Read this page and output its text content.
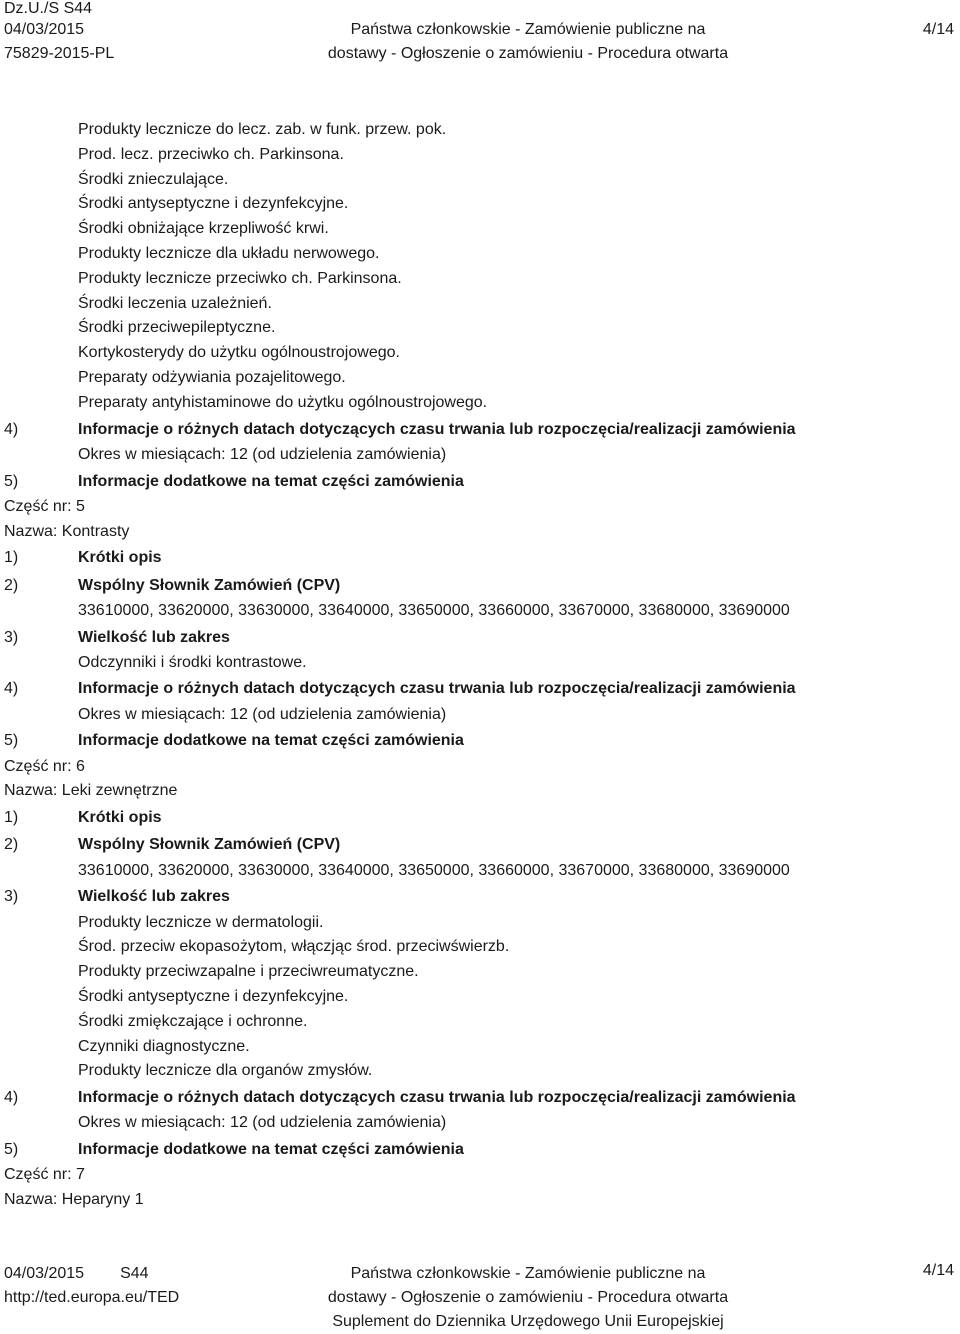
Dz.U./S S44
04/03/2015
75829-2015-PL
Państwa członkowskie - Zamówienie publiczne na
dostawy - Ogłoszenie o zamówieniu - Procedura otwarta
4/14
Produkty lecznicze do lecz. zab. w funk. przew. pok.
Prod. lecz. przeciwko ch. Parkinsona.
Środki znieczulające.
Środki antyseptyczne i dezynfekcyjne.
Środki obniżające krzepliwość krwi.
Produkty lecznicze dla układu nerwowego.
Produkty lecznicze przeciwko ch. Parkinsona.
Środki leczenia uzależnień.
Środki przeciwepileptyczne.
Kortykosterydy do użytku ogólnoustrojowego.
Preparaty odżywiania pozajelitowego.
Preparaty antyhistaminowe do użytku ogólnoustrojowego.
4)	Informacje o różnych datach dotyczących czasu trwania lub rozpoczęcia/realizacji zamówienia
Okres w miesiącach: 12 (od udzielenia zamówienia)
5)	Informacje dodatkowe na temat części zamówienia
Część nr: 5
Nazwa: Kontrasty
1)	Krótki opis
2)	Wspólny Słownik Zamówień (CPV)
33610000, 33620000, 33630000, 33640000, 33650000, 33660000, 33670000, 33680000, 33690000
3)	Wielkość lub zakres
Odczynniki i środki kontrastowe.
4)	Informacje o różnych datach dotyczących czasu trwania lub rozpoczęcia/realizacji zamówienia
Okres w miesiącach: 12 (od udzielenia zamówienia)
5)	Informacje dodatkowe na temat części zamówienia
Część nr: 6
Nazwa: Leki zewnętrzne
1)	Krótki opis
2)	Wspólny Słownik Zamówień (CPV)
33610000, 33620000, 33630000, 33640000, 33650000, 33660000, 33670000, 33680000, 33690000
3)	Wielkość lub zakres
Produkty lecznicze w dermatologii.
Środ. przeciw ekopasożytom, włączjąc środ. przeciwświerzb.
Produkty przeciwzapalne i przeciwreumatyczne.
Środki antyseptyczne i dezynfekcyjne.
Środki zmiękczające i ochronne.
Czynniki diagnostyczne.
Produkty lecznicze dla organów zmysłów.
4)	Informacje o różnych datach dotyczących czasu trwania lub rozpoczęcia/realizacji zamówienia
Okres w miesiącach: 12 (od udzielenia zamówienia)
5)	Informacje dodatkowe na temat części zamówienia
Część nr: 7
Nazwa: Heparyny 1
04/03/2015 S44
http://ted.europa.eu/TED
Państwa członkowskie - Zamówienie publiczne na
dostawy - Ogłoszenie o zamówieniu - Procedura otwarta
Suplement do Dziennika Urzędowego Unii Europejskiej
4/14
